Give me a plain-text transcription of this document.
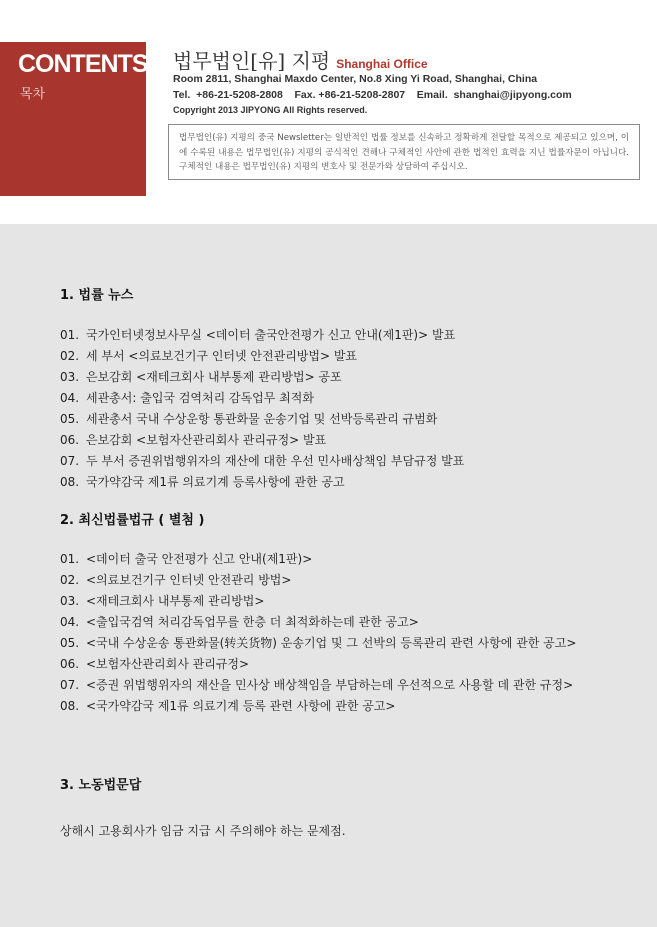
CONTENTS
목차
법무법인[유] 지평 Shanghai Office
Room 2811, Shanghai Maxdo Center, No.8 Xing Yi Road, Shanghai, China
Tel.  +86-21-5208-2808    Fax. +86-21-5208-2807    Email.  shanghai@jipyong.com
Copyright 2013 JIPYONG All Rights reserved.
법무법인(유) 지평의 중국 Newsletter는 일반적인 법률 정보를 신속하고 정확하게 전달할 목적으로 제공되고 있으며, 이에 수록된 내용은 법무법인(유) 지평의 공식적인 견해나 구체적인 사안에 관한 법적인 효력을 지닌 법률자문이 아닙니다. 구체적인 내용은 법무법인(유) 지평의 변호사 및 전문가와 상담하여 주십시오.
1. 법률 뉴스
01. 국가인터넷정보사무실 <데이터 출국안전평가 신고 안내(제1판)> 발표
02. 세 부서 <의료보건기구 인터넷 안전관리방법> 발표
03. 은보감회 <재테크회사 내부통제 관리방법> 공포
04. 세관총서: 출입국 검역처리 감독업무 최적화
05. 세관총서 국내 수상운항 통관화물 운송기업 및 선박등록관리 규범화
06. 은보감회 <보험자산관리회사 관리규정> 발표
07. 두 부서 증권위법행위자의 재산에 대한 우선 민사배상책임 부담규정 발표
08. 국가약감국 제1류 의료기계 등록사항에 관한 공고
2. 최신법률법규 ( 별첨 )
01. <데이터 출국 안전평가 신고 안내(제1판)>
02. <의료보건기구 인터넷 안전관리 방법>
03. <재테크회사 내부통제 관리방법>
04. <출입국검역 처리감독업무를 한층 더 최적화하는데 관한 공고>
05. <국내 수상운송 통관화물(转关货物) 운송기업 및 그 선박의 등록관리 관련 사항에 관한 공고>
06. <보험자산관리회사 관리규정>
07. <증권 위법행위자의 재산을 민사상 배상책임을 부담하는데 우선적으로 사용할 데 관한 규정>
08. <국가약감국 제1류 의료기계 등록 관련 사항에 관한 공고>
3. 노동법문답
상해시 고용회사가 임금 지급 시 주의해야 하는 문제점.
